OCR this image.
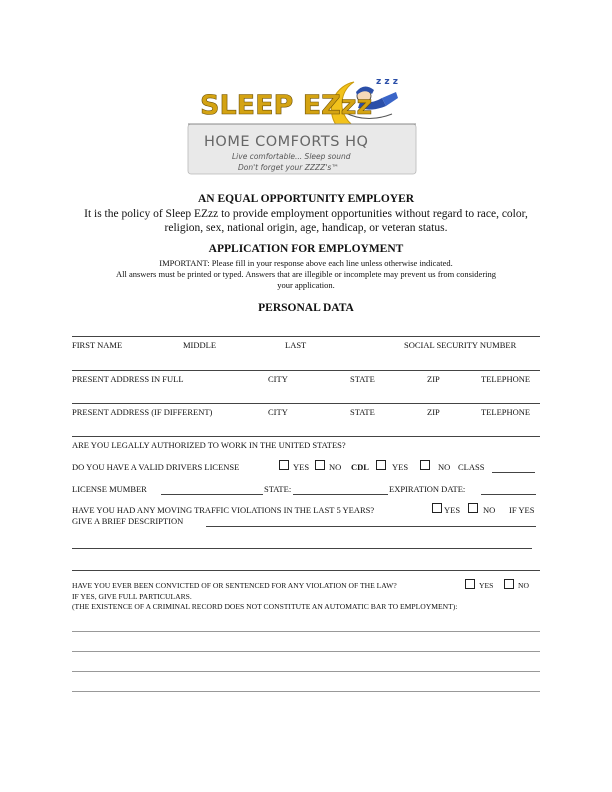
z z z
SLEEP EZzz
HOME COMFORTS HQ
Live comfortable... Sleep sound
Don't forget your ZZZZ's™
AN EQUAL OPPORTUNITY EMPLOYER
It is the policy of Sleep EZzz to provide employment opportunities without regard to race, color,
religion, sex, national origin, age, handicap, or veteran status.
APPLICATION FOR EMPLOYMENT
IMPORTANT: Please fill in your response above each line unless otherwise indicated.
All answers must be printed or typed. Answers that are illegible or incomplete may prevent us from considering
your application.
PERSONAL DATA
FIRST NAME	MIDDLE	LAST	SOCIAL SECURITY NUMBER
PRESENT ADDRESS IN FULL	CITY	STATE	ZIP	TELEPHONE
PRESENT ADDRESS (IF DIFFERENT)	CITY	STATE	ZIP	TELEPHONE
ARE YOU LEGALLY AUTHORIZED TO WORK IN THE UNITED STATES?
DO YOU HAVE A VALID DRIVERS LICENSE	YES NO CDL	YES	NO CLASS
LICENSE MUMBER	STATE:	EXPIRATION DATE:
HAVE YOU HAD ANY MOVING TRAFFIC VIOLATIONS IN THE LAST 5 YEARS?	YES	NO IF YES
GIVE A BRIEF DESCRIPTION
HAVE YOU EVER BEEN CONVICTED OF OR SENTENCED FOR ANY VIOLATION OF THE LAW?	YES	NO
IF YES, GIVE FULL PARTICULARS.
(THE EXISTENCE OF A CRIMINAL RECORD DOES NOT CONSTITUTE AN AUTOMATIC BAR TO EMPLOYMENT):
